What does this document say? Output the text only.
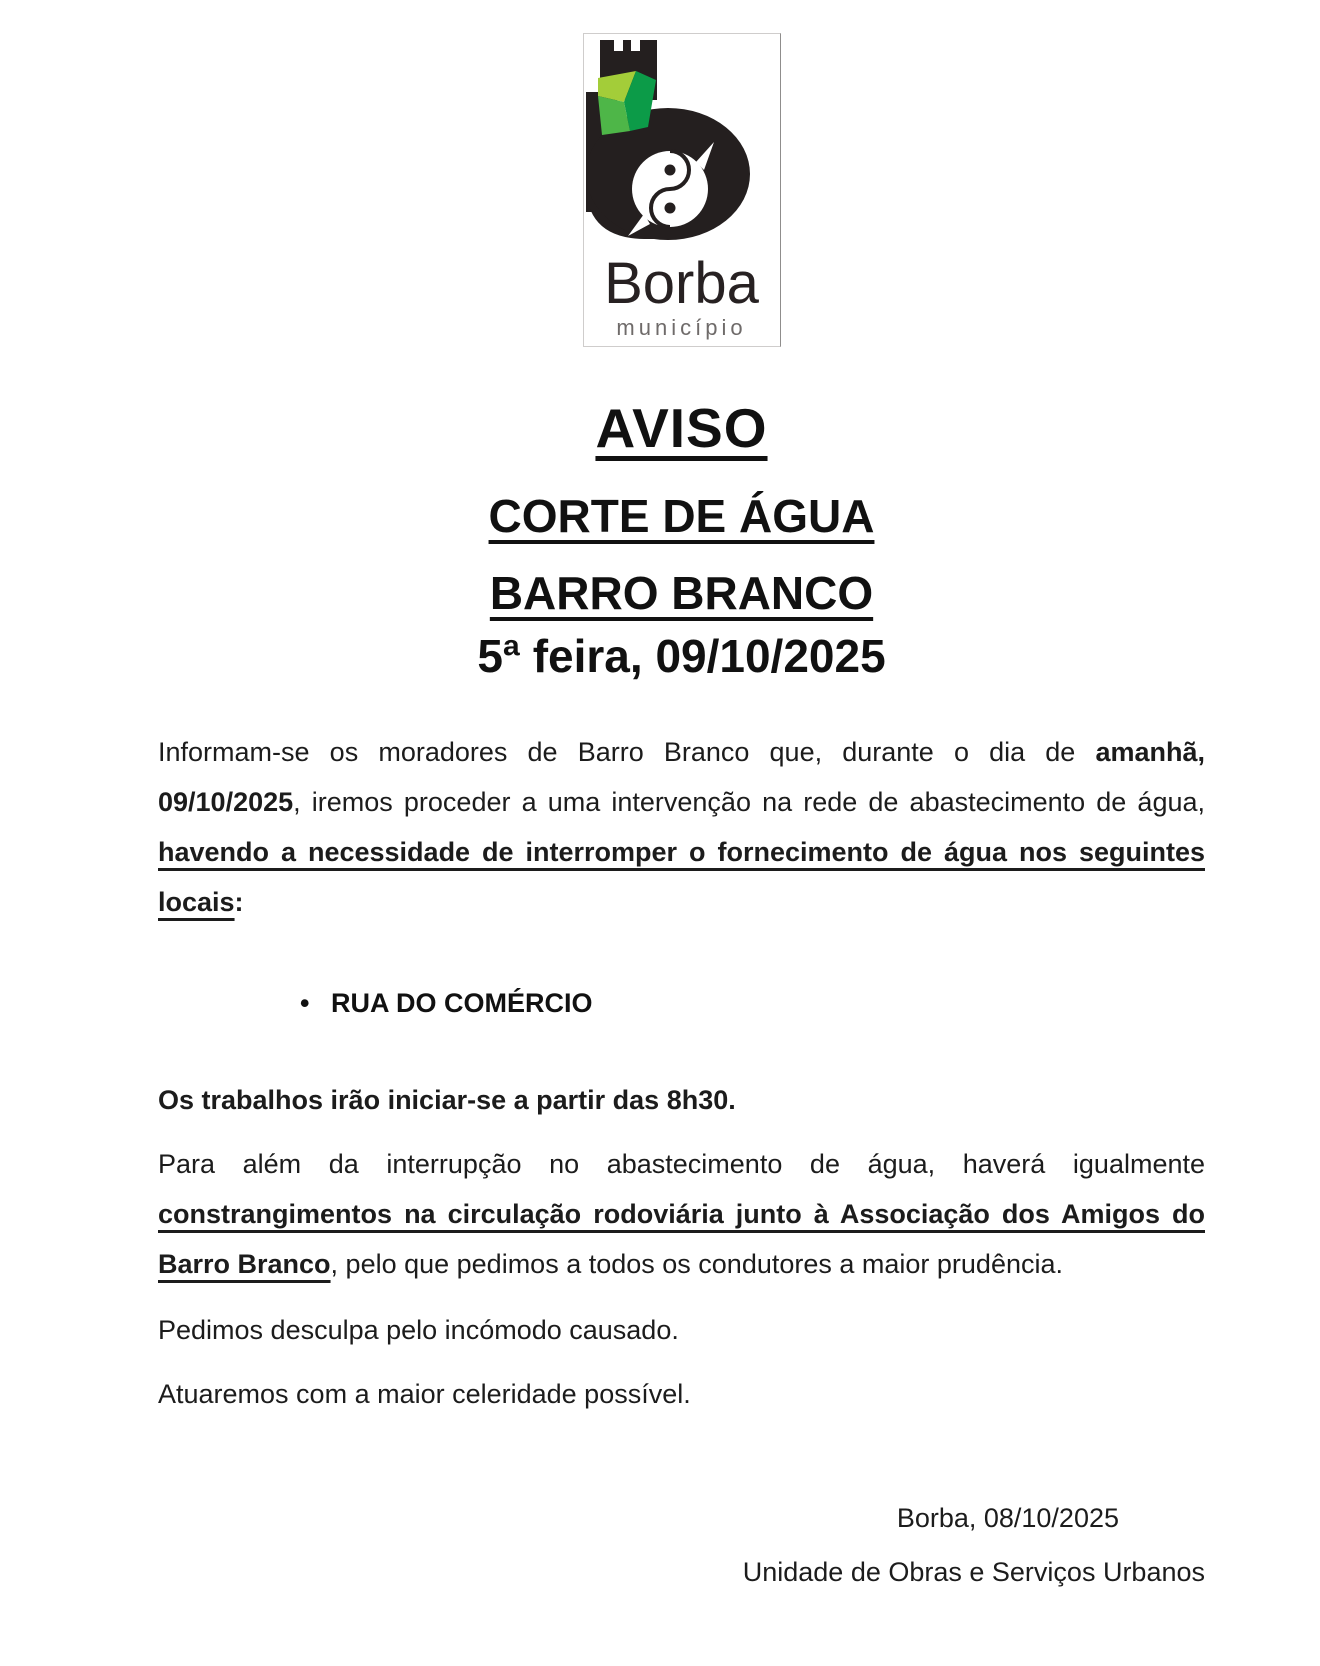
Borba
município
AVISO
CORTE DE ÁGUA
BARRO BRANCO
5ª feira, 09/10/2025

Informam-se os moradores de Barro Branco que, durante o dia de amanhã, 09/10/2025, iremos proceder a uma intervenção na rede de abastecimento de água, havendo a necessidade de interromper o fornecimento de água nos seguintes locais:

• RUA DO COMÉRCIO

Os trabalhos irão iniciar-se a partir das 8h30.

Para além da interrupção no abastecimento de água, haverá igualmente constrangimentos na circulação rodoviária junto à Associação dos Amigos do Barro Branco, pelo que pedimos a todos os condutores a maior prudência.

Pedimos desculpa pelo incómodo causado.

Atuaremos com a maior celeridade possível.

Borba, 08/10/2025
Unidade de Obras e Serviços Urbanos
